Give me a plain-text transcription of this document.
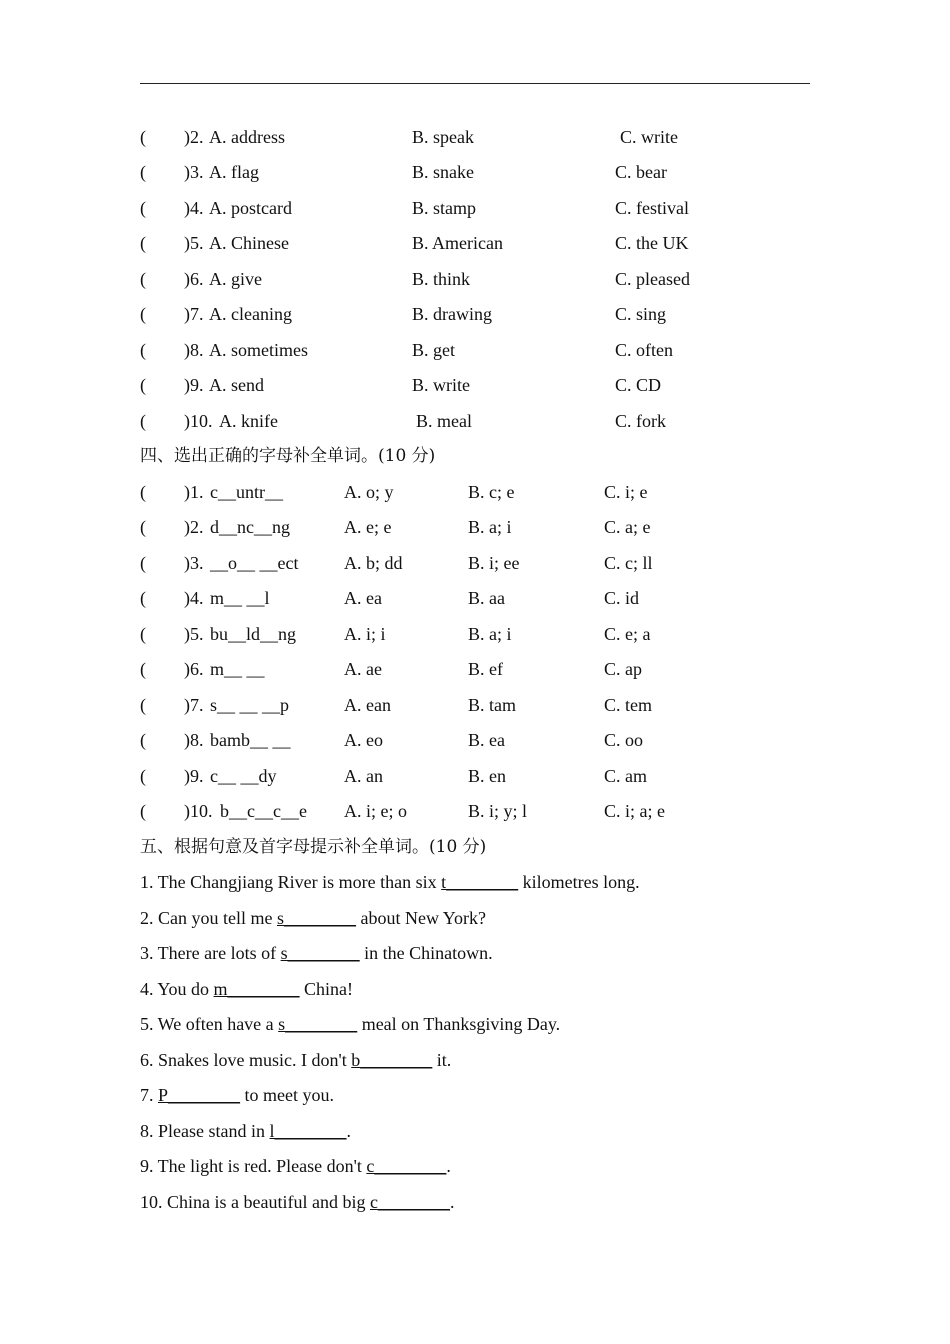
( )2. A. address	B. speak	C. write
( )3. A. flag	B. snake	C. bear
( )4. A. postcard	B. stamp	C. festival
( )5. A. Chinese	B. American	C. the UK
( )6. A. give	B. think	C. pleased
( )7. A. cleaning	B. drawing	C. sing
( )8. A. sometimes	B. get	C. often
( )9. A. send	B. write	C. CD
( )10. A. knife	B. meal	C. fork
四、选出正确的字母补全单词。(10 分)
( )1. c__untr__	A. o; y	B. c; e	C. i; e
( )2. d__nc__ng	A. e; e	B. a; i	C. a; e
( )3. __o__ __ect	A. b; dd	B. i; ee	C. c; ll
( )4. m__ __l	A. ea	B. aa	C. id
( )5. bu__ld__ng	A. i; i	B. a; i	C. e; a
( )6. m__ __	A. ae	B. ef	C. ap
( )7. s__ __ __p	A. ean	B. tam	C. tem
( )8. bamb__ __	A. eo	B. ea	C. oo
( )9. c__ __dy	A. an	B. en	C. am
( )10. b__c__c__e A. i; e; o	B. i; y; l	C. i; a; e
五、根据句意及首字母提示补全单词。(10 分)
1. The Changjiang River is more than six t________ kilometres long.
2. Can you tell me s________ about New York?
3. There are lots of s________ in the Chinatown.
4. You do m________ China!
5. We often have a s________ meal on Thanksgiving Day.
6. Snakes love music. I don't b________ it.
7. P________ to meet you.
8. Please stand in l________.
9. The light is red. Please don't c________.
10. China is a beautiful and big c________.
